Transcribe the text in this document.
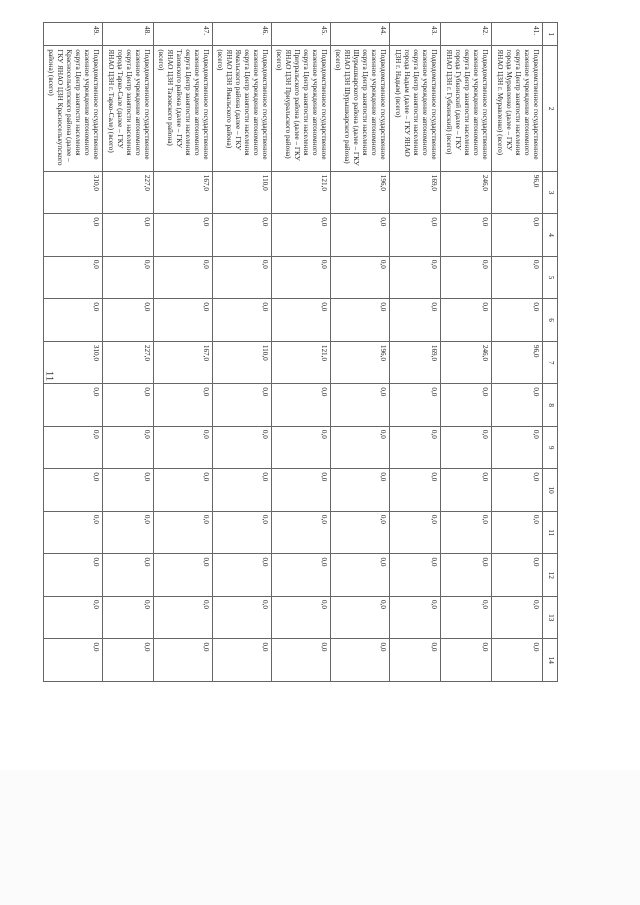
11
1	2	3	4	5	6	7	8	9	10	11	12	13	14
41.	Подведомственное государственное казенное учреждение автономного округа Центр занятости населения города Муравленко (далее – ГКУ ЯНАО ЦЗН г. Муравленко) (всего)	96,0	0,0	0,0	0,0	96,0	0,0	0,0	0,0	0,0	0,0	0,0	0,0
42.	Подведомственное государственное казенное учреждение автономного округа Центр занятости населения города Губкинский (далее – ГКУ ЯНАО ЦЗН г. Губкинский) (всего)	246,0	0,0	0,0	0,0	246,0	0,0	0,0	0,0	0,0	0,0	0,0	0,0
43.	Подведомственное государственное казенное учреждение автономного округа Центр занятости населения города Надым (далее – ГКУ ЯНАО ЦЗН г. Надым) (всего)	169,0	0,0	0,0	0,0	169,0	0,0	0,0	0,0	0,0	0,0	0,0	0,0
44.	Подведомственное государственное казенное учреждение автономного округа Центр занятости населения Шурышкарского района (далее – ГКУ ЯНАО ЦЗН Шурышкарского района) (всего)	196,0	0,0	0,0	0,0	196,0	0,0	0,0	0,0	0,0	0,0	0,0	0,0
45.	Подведомственное государственное казенное учреждение автономного округа Центр занятости населения Приуральского района (далее – ГКУ ЯНАО ЦЗН Приуральского района) (всего)	121,0	0,0	0,0	0,0	121,0	0,0	0,0	0,0	0,0	0,0	0,0	0,0
46.	Подведомственное государственное казенное учреждение автономного округа Центр занятости населения Ямальского района (далее – ГКУ ЯНАО ЦЗН Ямальского района) (всего)	110,0	0,0	0,0	0,0	110,0	0,0	0,0	0,0	0,0	0,0	0,0	0,0
47.	Подведомственное государственное казенное учреждение автономного округа Центр занятости населения Тазовского района (далее – ГКУ ЯНАО ЦЗН Тазовского района) (всего)	167,0	0,0	0,0	0,0	167,0	0,0	0,0	0,0	0,0	0,0	0,0	0,0
48.	Подведомственное государственное казенное учреждение автономного округа Центр занятости населения города Тарко-Сале (далее – ГКУ ЯНАО ЦЗН г. Тарко-Сале) (всего)	227,0	0,0	0,0	0,0	227,0	0,0	0,0	0,0	0,0	0,0	0,0	0,0
49.	Подведомственное государственное казенное учреждение автономного округа Центр занятости населения Красноселькупского района (далее – ГКУ ЯНАО ЦЗН Красноселькупского района) (всего)	310,0	0,0	0,0	0,0	310,0	0,0	0,0	0,0	0,0	0,0	0,0	0,0
